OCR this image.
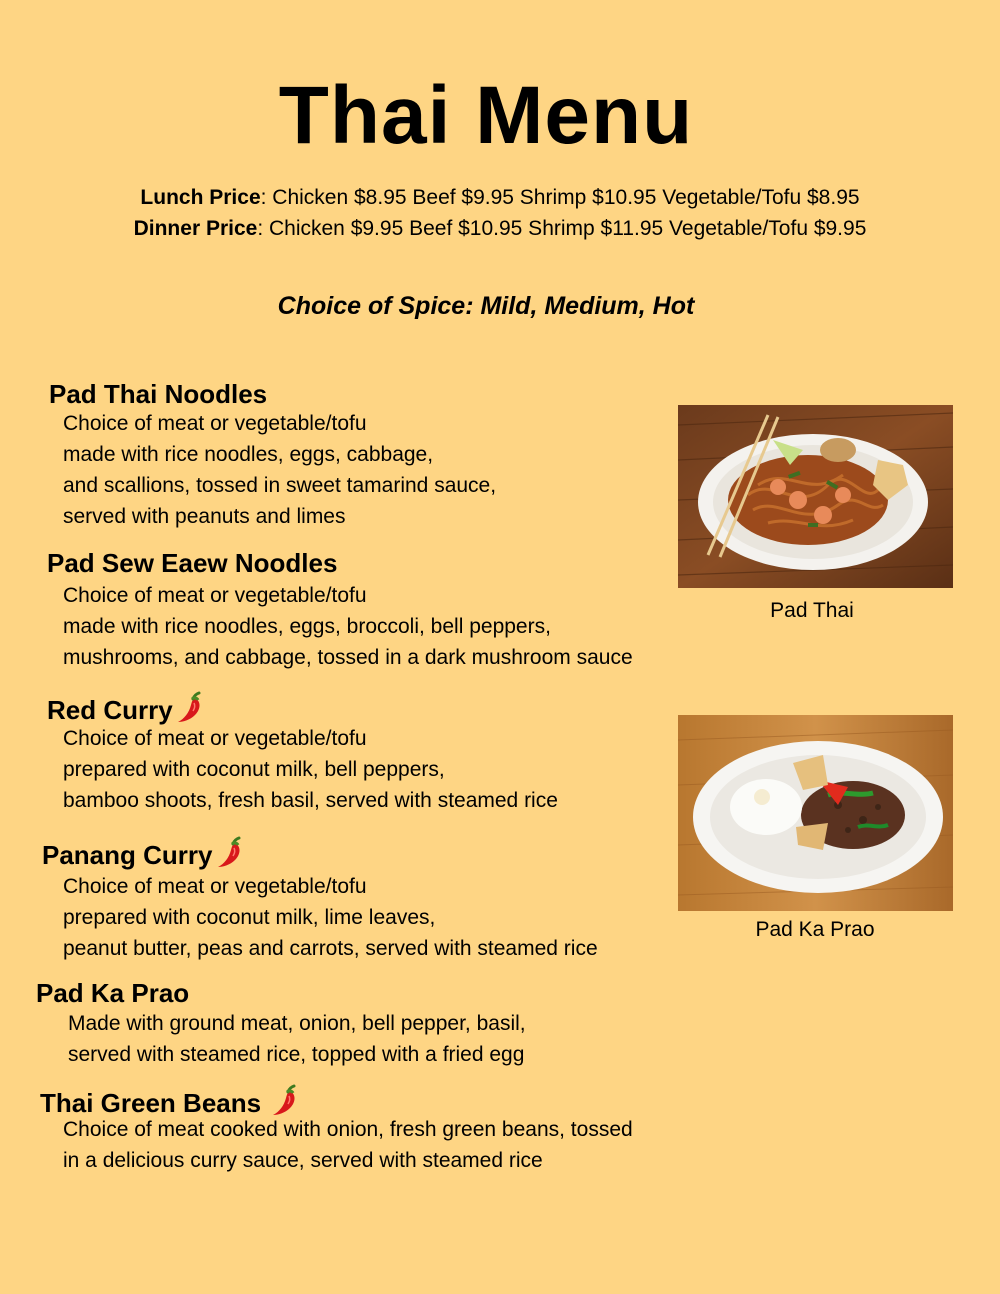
Thai Menu
Lunch Price: Chicken $8.95 Beef $9.95 Shrimp $10.95 Vegetable/Tofu $8.95
Dinner Price: Chicken $9.95 Beef $10.95 Shrimp $11.95 Vegetable/Tofu $9.95
Choice of Spice: Mild, Medium, Hot
Pad Thai Noodles
Choice of meat or vegetable/tofu
made with rice noodles, eggs, cabbage,
and scallions, tossed in sweet tamarind sauce,
served with peanuts and limes
Pad Sew Eaew Noodles
Choice of meat or vegetable/tofu
made with rice noodles, eggs, broccoli, bell peppers,
mushrooms, and cabbage, tossed in a dark mushroom sauce
Red Curry
Choice of meat or vegetable/tofu
prepared with coconut milk, bell peppers,
bamboo shoots, fresh basil, served with steamed rice
Panang Curry
Choice of meat or vegetable/tofu
prepared with coconut milk, lime leaves,
peanut butter, peas and carrots, served with steamed rice
Pad Ka Prao
Made with ground meat, onion, bell pepper, basil,
served with steamed rice, topped with a fried egg
Thai Green Beans
Choice of meat cooked with onion, fresh green beans, tossed
in a delicious curry sauce, served with steamed rice
Pad Thai
Pad Ka Prao
